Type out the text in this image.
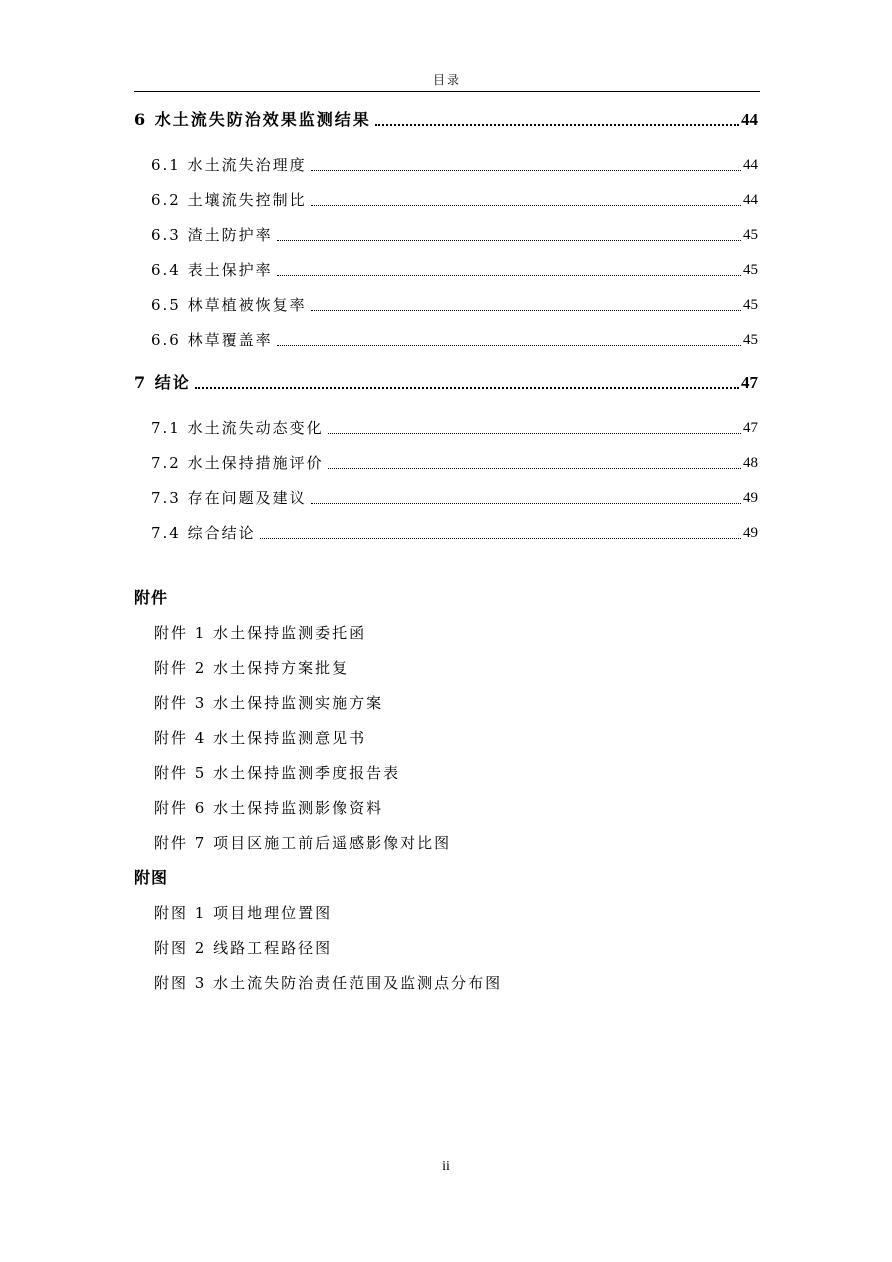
目录
6 水土流失防治效果监测结果	44
6.1 水土流失治理度	44
6.2 土壤流失控制比	44
6.3 渣土防护率	45
6.4 表土保护率	45
6.5 林草植被恢复率	45
6.6 林草覆盖率	45
7 结论	47
7.1 水土流失动态变化	47
7.2 水土保持措施评价	48
7.3 存在问题及建议	49
7.4 综合结论	49
附件
附件 1 水土保持监测委托函
附件 2 水土保持方案批复
附件 3 水土保持监测实施方案
附件 4 水土保持监测意见书
附件 5 水土保持监测季度报告表
附件 6 水土保持监测影像资料
附件 7 项目区施工前后遥感影像对比图
附图
附图 1 项目地理位置图
附图 2 线路工程路径图
附图 3 水土流失防治责任范围及监测点分布图
ii
